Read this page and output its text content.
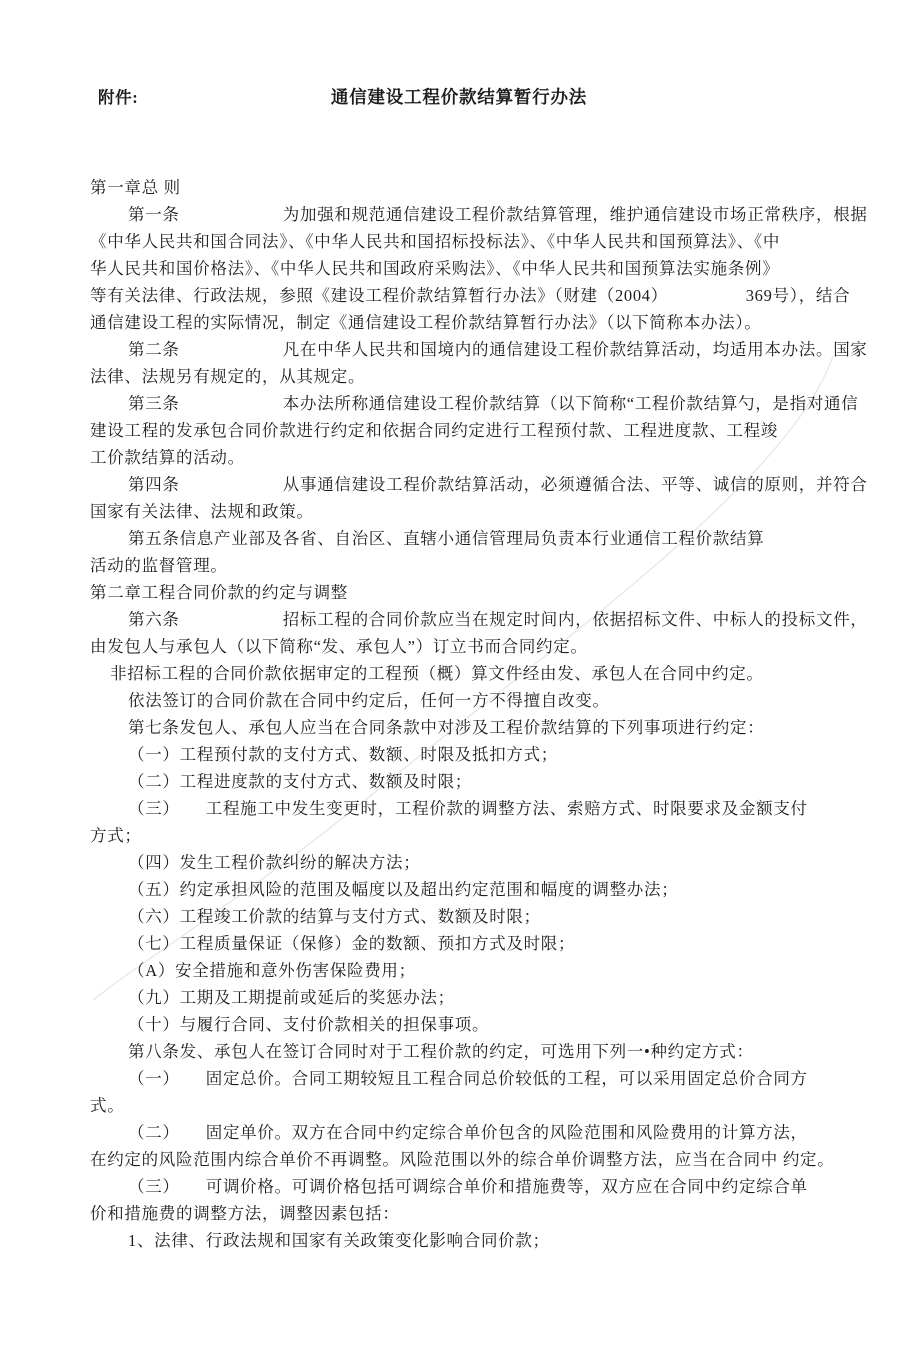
附件:	通信建设工程价款结算暂行办法
第一章总 则
第一条　　　　　　为加强和规范通信建设工程价款结算管理，维护通信建设市场正常秩序，根据
《中华人民共和国合同法》、《中华人民共和国招标投标法》、《中华人民共和国预算法》、《中
华人民共和国价格法》、《中华人民共和国政府采购法》、《中华人民共和国预算法实施条例》
等有关法律、行政法规，参照《建设工程价款结算暂行办法》（财建（2004）　　　　　369号），结合
通信建设工程的实际情况，制定《通信建设工程价款结算暂行办法》（以下简称本办法）。
第二条　　　　　　凡在中华人民共和国境内的通信建设工程价款结算活动，均适用本办法。国家
法律、法规另有规定的，从其规定。
第三条　　　　　　本办法所称通信建设工程价款结算（以下简称“工程价款结算勺，是指对通信
建设工程的发承包合同价款进行约定和依据合同约定进行工程预付款、工程进度款、工程竣
工价款结算的活动。
第四条　　　　　　从事通信建设工程价款结算活动，必须遵循合法、平等、诚信的原则，并符合
国家有关法律、法规和政策。
第五条信息产业部及各省、自治区、直辖小通信管理局负责本行业通信工程价款结算
活动的监督管理。
第二章工程合同价款的约定与调整
第六条　　　　　　招标工程的合同价款应当在规定时间内，依据招标文件、中标人的投标文件，
由发包人与承包人（以下简称“发、承包人”）订立书而合同约定。
非招标工程的合同价款依据审定的工程预（概）算文件经由发、承包人在合同中约定。
依法签订的合同价款在合同中约定后，任何一方不得擅自改变。
第七条发包人、承包人应当在合同条款中对涉及工程价款结算的下列事项进行约定：
（一）工程预付款的支付方式、数额、时限及抵扣方式；
（二）工程进度款的支付方式、数额及时限；
（三）　　工程施工中发生变更时，工程价款的调整方法、索赔方式、时限要求及金额支付
方式；
（四）发生工程价款纠纷的解决方法；
（五）约定承担风险的范围及幅度以及超出约定范围和幅度的调整办法；
（六）工程竣工价款的结算与支付方式、数额及时限；
（七）工程质量保证（保修）金的数额、预扣方式及时限；
（A）安全措施和意外伤害保险费用；
（九）工期及工期提前或延后的奖惩办法；
（十）与履行合同、支付价款相关的担保事项。
第八条发、承包人在签订合同时对于工程价款的约定，可选用下列一•种约定方式：
（一）　　固定总价。合同工期较短且工程合同总价较低的工程，可以采用固定总价合同方
式。
（二）　　固定单价。双方在合同中约定综合单价包含的风险范围和风险费用的计算方法，
在约定的风险范围内综合单价不再调整。风险范围以外的综合单价调整方法，应当在合同中 约定。
（三）　　可调价格。可调价格包括可调综合单价和措施费等，双方应在合同中约定综合单
价和措施费的调整方法，调整因素包括：
1、法律、行政法规和国家有关政策变化影响合同价款；
